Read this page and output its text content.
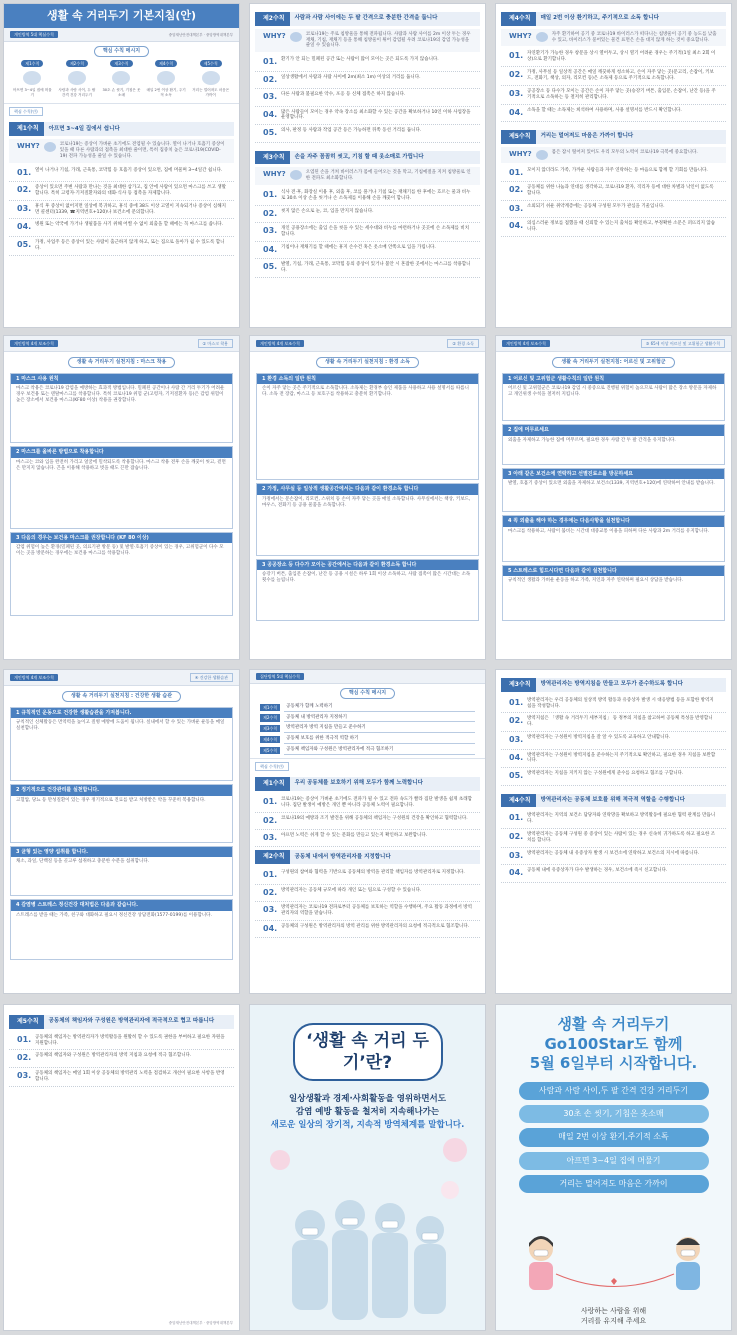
생활 속 거리두기 기본지침(안)
개인방역 5대 핵심수칙	중앙재난안전대책본부 · 중앙방역대책본부
핵심 수칙 메시지
제1수칙
아프면 3~4일 집에 머물기
제2수칙
사람과 사람 사이, 두 팔 간격 건강 거리두기
제3수칙
30초 손 씻기, 기침은 옷소매
제4수칙
매일 2번 이상 환기, 주기적 소독
제5수칙
거리는 멀어져도 마음은 가까이
핵심 수칙(안)
제1수칙	아프면 3~4일 집에서 쉽니다
WHY?	코로나19는 증상이 가벼운 초기에도 전염될 수 있습니다. 열이 나거나 호흡기 증상이 있을 때 다른 사람과의 접촉을 최대한 줄이면, 특히 집중치 높은 코로나19(COVID-19) 전파 가능성을 줄일 수 있습니다.
01. 열이 나거나 기침, 가래, 근육통, 코막힘 등 호흡기 증상이 있으면, 집에 머물며 3~4일간 쉽니다.
02. 증상이 있으면 주변 사람과 만나는 것을 최대한 삼가고, 집 안에 사람이 있으면 마스크를 쓰고 생활합니다. 특히 고령자·기저질환자와의 대화·식사 등 접촉을 자제합니다.
03. 휴식 후 증상이 없어지면 일상에 복귀하고, 휴식 중에 38도 이상 고열이 지속되거나 증상이 심해지면 콜센터(1339, ☎지역번호+120)나 보건소에 문의합니다.
04. 병원 또는 약국에 가거나 생필품을 사기 위해 어쩔 수 없이 외출을 할 때에는 꼭 마스크를 씁니다.
05. 가정, 사업주 등은 증상이 있는 사람이 출근하지 않게 하고, 또는 집으로 돌아가 쉴 수 있도록 합니다.
제2수칙	사람과 사람 사이에는 두 팔 간격으로 충분한 간격을 둡니다
WHY?	코로나19는 주로 침방울을 통해 전파됩니다. 사람과 사람 사이를 2m 이상 두는 경우 재채, 기침, 재채기 등을 통해 침방울이 튀어 감염될 우려 코로나19의 감염 가능성을 줄일 수 있습니다.
01. 환기가 안 되는 밀폐된 공간 또는 사람이 많이 모이는 곳은 되도록 가지 않습니다.
02. 일상생활에서 사람과 사람 사이에 2m(최소 1m) 이상의 거리를 둡니다.
03. 다른 사람과 불필요한 악수, 포옹 등 신체 접촉은 하지 않습니다.
04. 많은 사람들이 모이는 경우 약속 장소를 최소화할 수 있는 공간을 확보하거나 10인 이하 사업장을 운영합니다.
05. 의사, 판정 등 사람과 작업 공간 등은 가능하면 뒤쪽 동선 거리를 둡니다.
제3수칙	손을 자주 꼼꼼히 씻고, 기침 할 때 옷소매로 가립니다
WHY?	오염된 손을 거쳐 바이러스가 몸에 들어오는 것을 막고, 기침예절을 지켜 침방울로 인한 전파도 최소화합니다.
01. 식사 전·후, 화장실 이용 후, 외출 후, 코를 풀거나 기침 또는 재채기를 한 후에는 흐르는 물과 비누로 30초 이상 손을 씻거나 손 소독제를 이용해 손을 깨끗이 합니다.
02. 씻지 않은 손으로 눈, 코, 입을 만지지 않습니다.
03. 개인 공용장소에는 출입 손을 씻을 수 있는 세수대와 비누를 마련하거나 곳곳에 손 소독제를 비치합니다.
04. 기침이나 재채기를 할 때에는 휴지 손수건 혹은 옷소매 안쪽으로 입을 가립니다.
05. 발열, 기침, 가래, 근육통, 코막힘 등의 증상이 있거나 불안 시 혼잡한 곳에서는 마스크를 착용합니다.
제4수칙	매일 2번 이상 환기하고, 주기적으로 소독 합니다
WHY?	자주 환기하여 공기 중 코로나19 바이러스가 떠다니는 침방울이 공기 중 농도를 낮출 수 있고, 바이러스가 묻어있는 물건 표면은 손을 대지 않게 하는 것이 중요합니다.
01. 자연환기가 가능한 경우 창문을 상시 열어두고, 상시 열기 어려운 경우는 주기적(1일 최소 2회 이상)으로 환기합니다.
02. 가정, 사무실 등 일상적 공간은 매일 깨끗하게 청소하고, 손이 자주 닿는 곳(문고리, 손잡이, 키보드, 전화기, 책상, 의자, 리모컨 등)은 소독제 등으로 주기적으로 소독합니다.
03. 공공장소 등 다수가 모이는 공간은 손이 자주 닿는 곳(승강기 버튼, 출입문, 손잡이, 난간 등)을 주기적으로 소독하는 등 철저히 관리합니다.
04. 소독을 할 때는 소독제는 희석하여 사용하며, 사용 설명서를 반드시 확인합니다.
제5수칙	거리는 멀어져도 마음은 가까이 합니다
WHY?	몸은 잠시 떨어져 있어도 우리 모두의 노력이 코로나19 극복에 중요합니다.
01. 모이지 않더라도 가족, 가까운 사람들과 자주 연락하는 등 마음으로 함께 할 기회를 만듭니다.
02. 공동체를 위한 나눔과 연대를 생각하고, 코로나19 환자, 격리자 등에 대한 차별과 낙인이 없도록 합니다.
03. 소외되기 쉬운 취약계층에는 공동체 구성원 모두가 관심을 기울입니다.
04. 의심스러운 정보를 접했을 때 신뢰할 수 있는지 출처를 확인하고, 부정확한 소문은 퍼뜨리지 않습니다.
개인방역 4개 보조수칙	① 마스크 착용
생활 속 거리두기 실천지침 : 마스크 착용
1 마스크 사용 원칙
마스크 착용은 코로나19 감염을 예방하는 효과적 방법입니다. 밀폐된 공간이나 사람 간 거리 두기가 어려운 경우 보건용 또는 덴탈마스크를 착용합니다. 특히 코로나19 위험 군(고령자, 기저질환자 등)은 감염 위험이 높은 장소에서 보건용 마스크(KF80 이상) 착용을 권장합니다.
2 마스크를 올바른 방법으로 착용합니다
마스크는 코와 입을 완전히 가리고 얼굴에 밀착되도록 착용합니다. 마스크 착용 전후 손을 깨끗이 씻고, 겉면은 만지지 않습니다. 끈을 이용해 착용하고 벗을 때도 끈만 잡습니다.
3 다음의 경우는 보건용 마스크를 권장합니다 (KF 80 이상)
감염 위험이 높은 환경(밀폐된 곳, 의료기관 방문 등) 및 발열·호흡기 증상이 있는 경우, 고위험군이 다수 모이는 곳을 방문하는 경우에는 보건용 마스크를 착용합니다.
개인방역 4개 보조수칙	② 환경 소독
생활 속 거리두기 실천지침 : 환경 소독
1 환경 소독의 일반 원칙
손이 자주 닿는 곳은 주기적으로 소독합니다. 소독제는 환경부 승인 제품을 사용하고 사용 설명서를 따릅니다. 소독 전 장갑, 마스크 등 보호구를 착용하고 충분히 환기합니다.
2 가정, 사무실 등 일상적 생활공간에서는 다음과 같이 환경소독 합니다
가정에서는 문손잡이, 리모컨, 스위치 등 손이 자주 닿는 곳을 매일 소독합니다. 사무실에서는 책상, 키보드, 마우스, 전화기 등 공용 물품을 소독합니다.
3 공공장소 등 다수가 모이는 공간에서는 다음과 같이 환경소독 합니다
승강기 버튼, 출입문 손잡이, 난간 등 공용 시설은 하루 1회 이상 소독하고, 사람 접촉이 많은 시간대는 소독 횟수를 늘립니다.
개인방역 4개 보조수칙	③ 65세 이상 어르신 및 고위험군 생활수칙
생활 속 거리두기 실천지침: 어르신 및 고위험군
1 어르신 및 고위험군 생활수칙의 일반 원칙
어르신 및 고위험군은 코로나19 감염 시 중증으로 진행될 위험이 높으므로 사람이 많은 장소 방문을 자제하고 개인위생 수칙을 철저히 지킵니다.
2 집에 머무르세요
외출을 자제하고 가능한 집에 머무르며, 필요한 경우 사람 간 두 팔 간격을 유지합니다.
3 아래 같은 보건소에 연락하고 선별진료소를 방문하세요
발열, 호흡기 증상이 있으면 외출을 자제하고 보건소(1339, 지역번호+120)에 연락하여 안내를 받습니다.
4 꼭 외출을 해야 하는 경우에는 다음사항을 실천합니다
마스크를 착용하고, 사람이 붐비는 시간대 대중교통 이용을 피하며 다른 사람과 2m 거리를 유지합니다.
5 스트레스로 힘드시다면 다음과 같이 실천합니다
규칙적인 생활과 가벼운 운동을 하고 가족, 지인과 자주 연락하며 필요시 상담을 받습니다.
개인방역 4개 보조수칙	④ 건강한 생활습관
생활 속 거리두기 실천지침 : 건강한 생활 습관
1 규칙적인 운동으로 건강한 생활습관을 가져봅니다.
규칙적인 신체활동은 면역력을 높이고 질병 예방에 도움이 됩니다. 실내에서 할 수 있는 가벼운 운동을 매일 실천합니다.
2 정기적으로 건강관리를 실천합니다.
고혈압, 당뇨 등 만성질환이 있는 경우 정기적으로 진료를 받고 처방받은 약을 꾸준히 복용합니다.
3 균형 있는 영양 섭취를 합니다.
채소, 과일, 단백질 등을 골고루 섭취하고 충분한 수분을 섭취합니다.
4 감염병 스트레스 정신건강 대처법은 다음과 같습니다.
스트레스를 받을 때는 가족, 친구와 대화하고 필요시 정신건강 상담전화(1577-0199)를 이용합니다.
집단방역 5대 핵심수칙
핵심 수칙 메시지
제1수칙	공동체가 함께 노력하기
제2수칙	공동체 내 방역관리자 지정하기
제3수칙	방역관리자 방역 지침을 만들고 준수하기
제4수칙	공동체 보호를 위한 적극적 역할 하기
제5수칙	공동체 책임자와 구성원은 방역관리자에 적극 협조하기
핵심 수칙(안)
제1수칙	우리 공동체를 보호하기 위해 모두가 함께 노력합니다
01. 코로나19는 증상이 가벼운 초기에도 전파가 될 수 있고 전파 속도가 빨라 집단 발생을 쉽게 초래합니다. 집단 발생이 예방은 개인 뿐 아니라 공동체 노력이 필요합니다.
02. 코로나19의 예방과 조기 발견을 위해 공동체의 책임자는 구성원의 건강을 확인하고 협력합니다.
03. 아프면 노력은 쉬게 할 수 있는 문화를 만들고 있는지 확인하고 보완합니다.
제2수칙	공동체 내에서 방역관리자를 지정합니다
01. 구성원의 참여와 협력을 기반으로 공동체의 방역을 관리할 책임자를 방역관리자로 지정합니다.
02. 방역관리자는 공동체 규모에 따라 개인 또는 팀으로 구성할 수 있습니다.
03. 방역관리자는 코로나19 전파로부터 공동체를 보호하는 역할을 수행하며, 주요 활동 과정에서 방역관리자의 역할을 맡습니다.
04. 공동체의 구성원은 방역관리자의 방역 관리를 위한 방역관리자의 요청에 적극적으로 협조합니다.
제3수칙	방역관리자는 방역지침을 만들고 모두가 준수하도록 합니다
01. 방역관리자는 우리 공동체의 일상적 방역 활동과 유증상자 발생 시 대응방법 등을 포함한 방역지침을 작성합니다.
02. 방역지침은 「생활 속 거리두기 세부지침」 등 정부의 지침을 참고하여 공동체 특성을 반영합니다.
03. 방역관리자는 구성원이 방역지침을 잘 알 수 있도록 교육하고 안내합니다.
04. 방역관리자는 구성원이 방역지침을 준수하는지 주기적으로 확인하고, 필요한 경우 지침을 보완합니다.
05. 방역관리자는 지침을 지키지 않는 구성원에게 준수를 요청하고 협조를 구합니다.
제4수칙	방역관리자는 공동체 보호를 위해 적극적 역할을 수행합니다
01. 방역관리자는 지역의 보건소 담당자와 연락망을 확보하고 방역활동에 필요한 협력 관계를 만듭니다.
02. 방역관리자는 공동체 구성원 중 증상이 있는 사람이 있는 경우 신속히 귀가하도록 하고 필요한 조치를 합니다.
03. 방역관리자는 공동체 내 유증상자 발생 시 보건소에 연락하고 보건소의 지시에 따릅니다.
04. 공동체 내에 유증상자가 다수 발생하는 경우, 보건소에 즉시 신고합니다.
제5수칙	공동체의 책임자와 구성원은 방역관리자에 적극적으로 협고 따릅니다
01. 공동체의 책임자는 방역관리자가 방역활동을 원활히 할 수 있도록 권한을 부여하고 필요한 자원을 지원합니다.
02. 공동체의 책임자와 구성원은 방역관리자의 방역 지침과 요청에 적극 협조합니다.
03. 공동체의 책임자는 매일 1회 이상 공동체의 방역관리 노력을 점검하고 개선이 필요한 사항을 반영합니다.
중앙재난안전대책본부 · 중앙방역대책본부
‘생활 속 거리 두기’란?
일상생활과 경제·사회활동을 영위하면서도
감염 예방 활동을 철저히 지속해나가는
새로운 일상의 장기적, 지속적 방역체계를 말합니다.
생활 속 거리두기
Go100Star도 함께
5월 6일부터 시작합니다.
사람과 사람 사이,두 팔 간격 건강 거리두기
30초 손 씻기, 기침은 옷소매
매일 2번 이상 환기,주기적 소독
아프면 3~4일 집에 머물기
거리는 멀어져도 마음은 가까이
사랑하는 사람을 위해
거리를 유지해 주세요
